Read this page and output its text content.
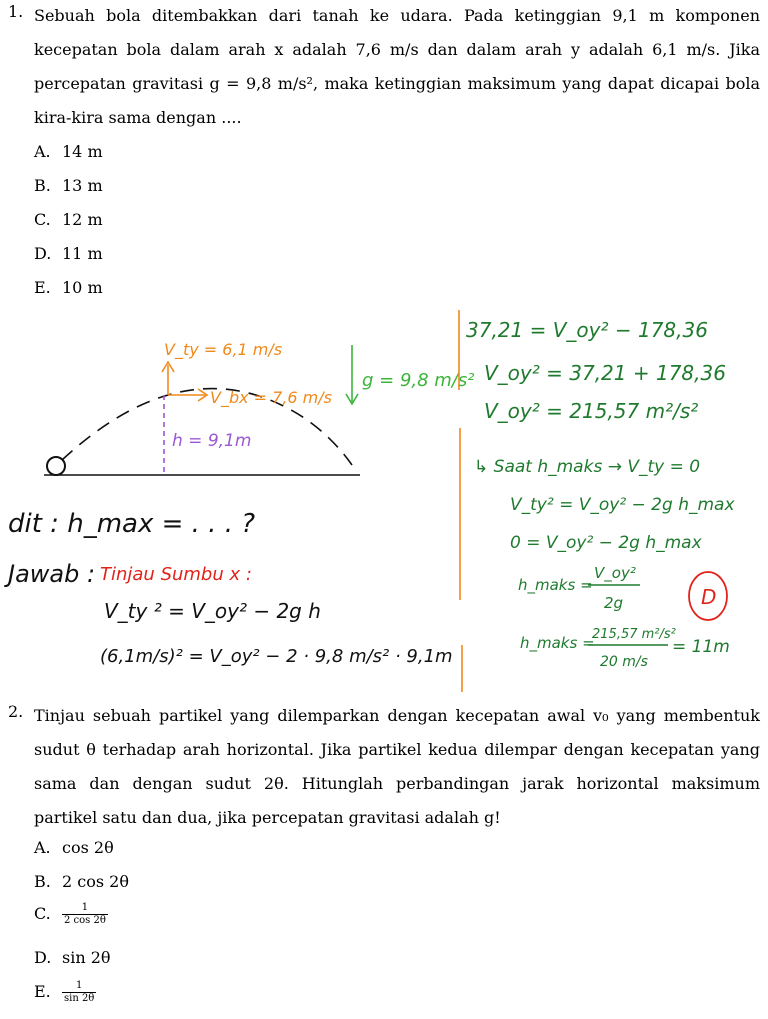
1. Sebuah bola ditembakkan dari tanah ke udara. Pada ketinggian 9,1 m komponen
kecepatan bola dalam arah x adalah 7,6 m/s dan dalam arah y adalah 6,1 m/s. Jika
percepatan gravitasi g = 9,8 m/s², maka ketinggian maksimum yang dapat dicapai bola
kira-kira sama dengan ....
A. 14 m
B. 13 m
C. 12 m
D. 11 m
E. 10 m
V_ty = 6,1 m/s
V_bx = 7,6 m/s
h = 9,1m
g = 9,8 m/s²
dit : h_max = . . . ?
Jawab : Tinjau Sumbu x :
V_ty ² = V_oy² − 2g h
(6,1m/s)² = V_oy² − 2 · 9,8 m/s² · 9,1m
37,21 = V_oy² − 178,36
V_oy² = 37,21 + 178,36
V_oy² = 215,57 m²/s²
↳ Saat h_maks → V_ty = 0
V_ty² = V_oy² − 2g h_max
0 = V_oy² − 2g h_max
h_maks =
V_oy²
2g
h_maks =
215,57 m²/s²
20 m/s
= 11m
D
2. Tinjau sebuah partikel yang dilemparkan dengan kecepatan awal v₀ yang membentuk
sudut θ terhadap arah horizontal. Jika partikel kedua dilempar dengan kecepatan yang
sama dan dengan sudut 2θ. Hitunglah perbandingan jarak horizontal maksimum
partikel satu dan dua, jika percepatan gravitasi adalah g!
A. cos 2θ
B. 2 cos 2θ
C. $\frac{1}{2 \cos 2\theta}$
D. sin 2θ
E. $\frac{1}{\sin 2\theta}$
